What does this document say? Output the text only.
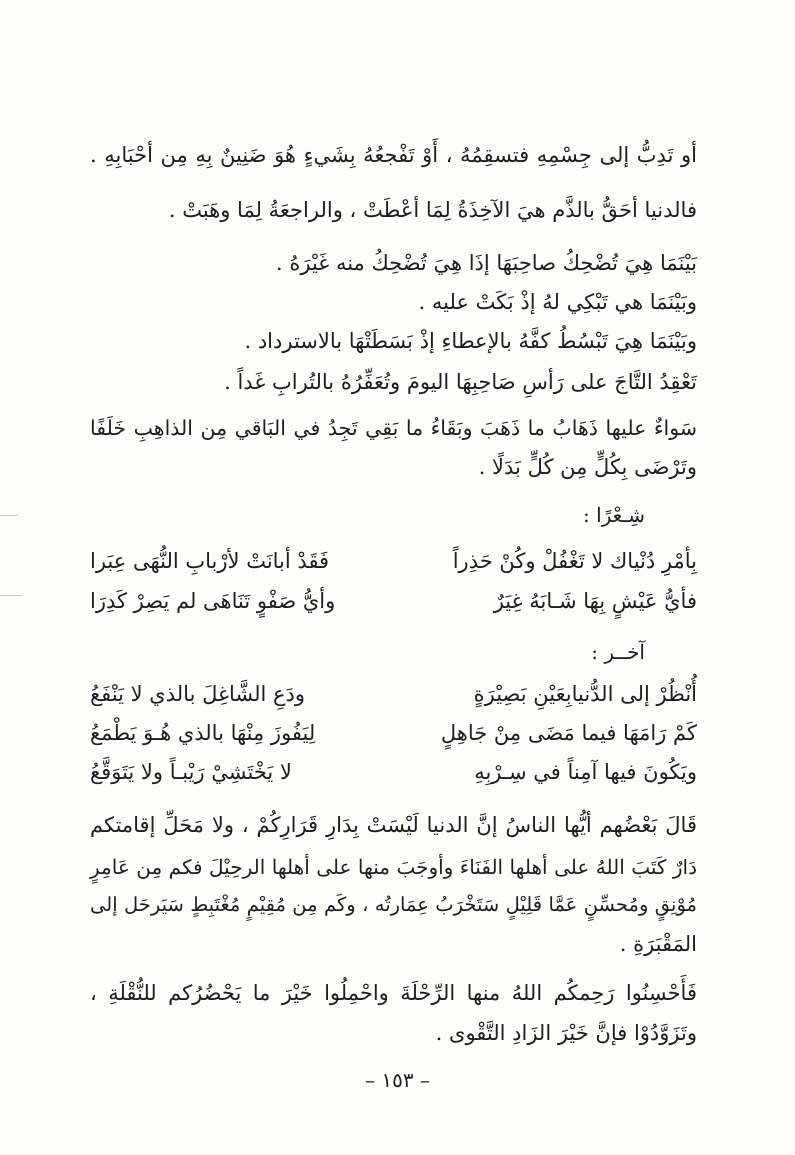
أو تَدِبُّ إلى جِسْمِهِ فتسقِمُهُ ، أَوْ تَفْجعُهُ بِشَيءٍ هُوَ ضَنِينٌ بِهِ مِن أحْبَابِهِ .
فالدنيا أحَقُّ بالذَّم هيَ الآخِذَةُ لِمَا أعْطَتْ ، والراجعَةُ لِمَا وهَبَتْ .
بَيْنَمَا هِيَ تُضْحِكُ صاحِبَهَا إذَا هِيَ تُضْحِكُ منه غَيْرَهُ .
وبَيْنَمَا هي تَبْكِي لهُ إذْ بَكَتْ عليه .
وبَيْنَمَا هِيَ تَبْسُطُ كفَّهُ بالإعطاءِ إذْ بَسَطَتْهَا بالاسترداد .
تَعْقِدُ التَّاجَ على رَأسِ صَاحِبِهَا اليومَ وتُعَفِّرُهُ بالتُرابِ غَداً .
سَواءٌ عليها ذَهَابُ ما ذَهَبَ وبَقَاءُ ما بَقِي تَجِدُ في البَاقي مِن الذاهِبِ خَلَفًا
وتَرْضَى بِكُلٍّ مِن كُلٍّ بَدَلًا .
شِـعْرًا :
بِأمْرِ دُنْياك لا تَغْفُلْ وكُنْ حَذِراً
فَقَدْ أبانَتْ لأرْبابِ النُّهَى عِبَرا
فأيُّ عَيْشٍ بِهَا شَـابَهُ غِيَرٌ
وأيُّ صَفْوٍ تَنَاهَى لم يَصِرْ كَدِرَا
آخــر :
أُنْظُرْ إلى الدُّنيابِعَيْنِ بَصِيْرَةٍ
ودَعِ الشَّاغِلَ بالذي لا يَنْفَعُ
كَمْ رَامَهَا فيما مَضَى مِنْ جَاهِلٍ
لِيَفُوزَ مِنْهَا بالذي هُـوَ يَطْمَعُ
ويَكُونَ فيها آمِناً في سِـرْبِهِ
لا يَخْتَشِيْ رَيْبـاً ولا يَتَوَقَّعُ
قَالَ بَعْضُهم أيُّها الناسُ إنَّ الدنيا لَيْسَتْ بِدَارِ قَرَارِكُمْ ، ولا مَحَلِّ إقامتكم
دَارٌ كَتَبَ اللهُ على أهلها الفَنَاءَ وأوجَبَ منها على أهلها الرحِيْلَ فكم مِن عَامِرٍ
مُوْنِقٍ ومُحسِّنٍ عَمَّا قَلِيْلٍ سَتَخْرَبُ عِمَارتُه ، وكَم مِن مُقِيْمٍ مُغْتَبِطٍ سَيَرحَل إلى
المَقْبَرَةِ .
فَأَحْسِنُوا رَحِمكُم اللهُ منها الرِّحْلَةَ واحْمِلُوا خَيْرَ ما يَحْضُرُكم للنُّقْلَةِ ،
وتَزَوَّدُوْا فإنَّ خَيْرَ الزَادِ التَّقْوى .
– ١٥٣ –
